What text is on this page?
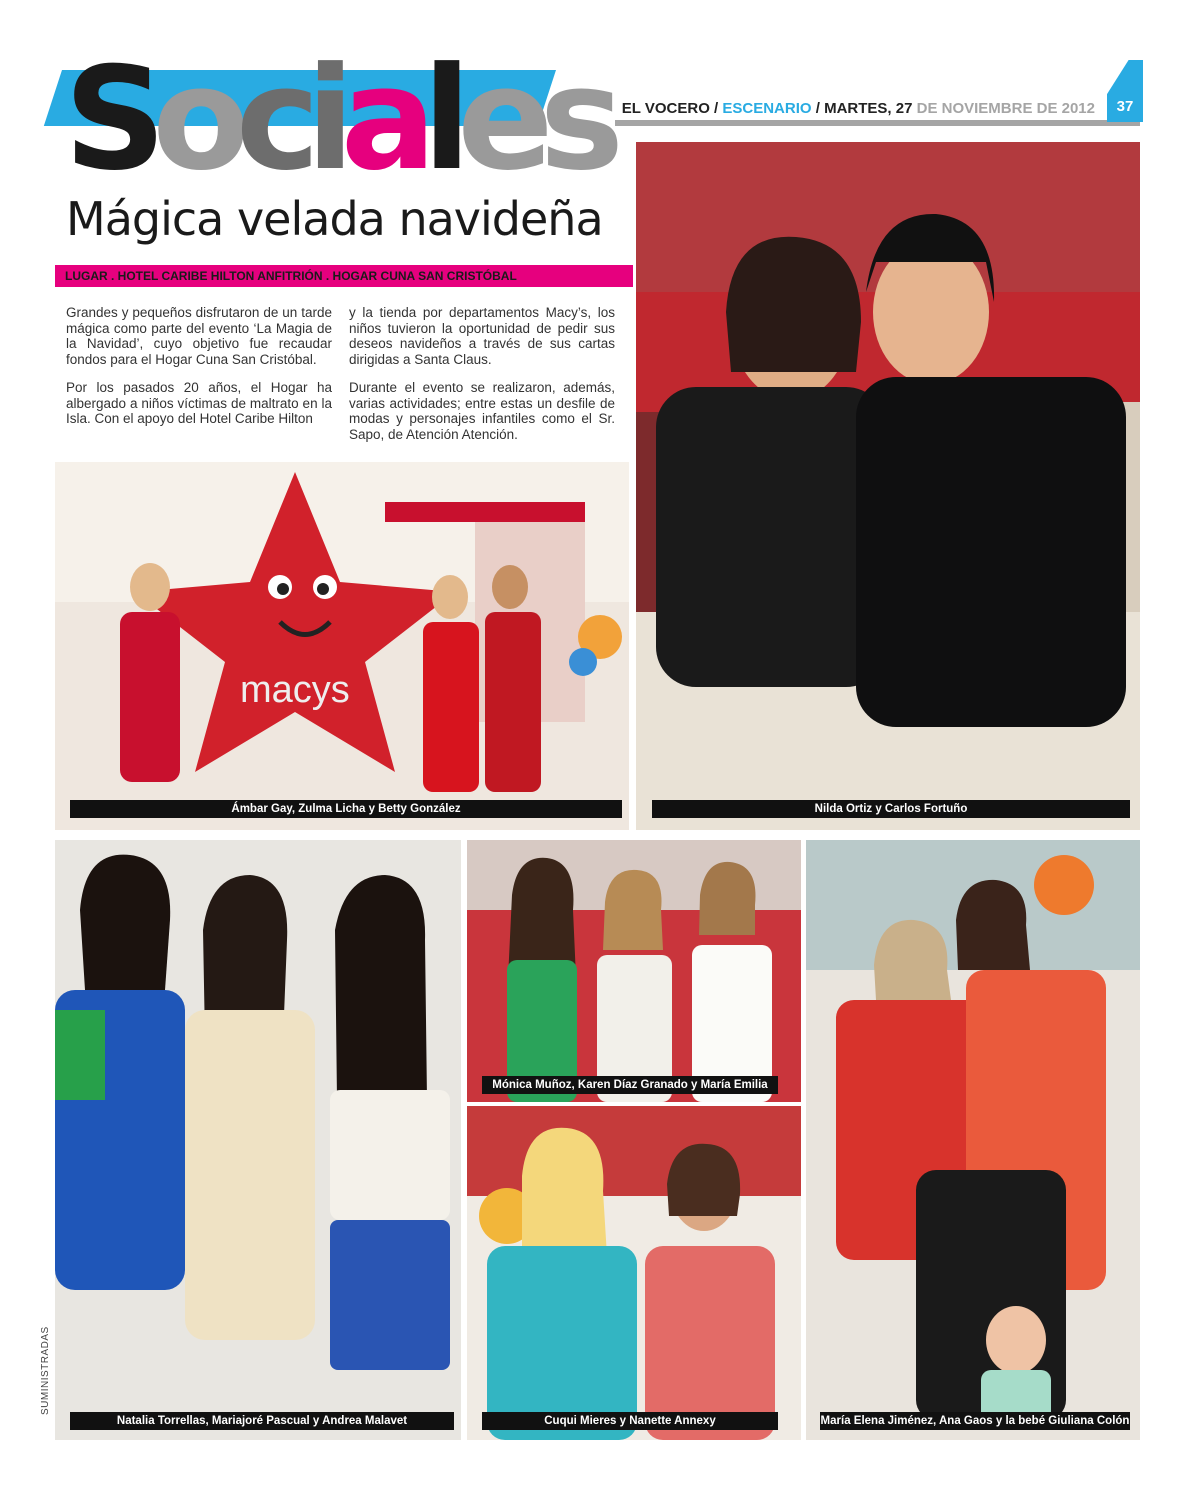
Sociales EL VOCERO / ESCENARIO / MARTES, 27 DE NOVIEMBRE DE 2012	37
Mágica velada navideña
LUGAR . HOTEL CARIBE HILTON ANFITRIÓN . HOGAR CUNA SAN CRISTÓBAL

Grandes y pequeños disfrutaron de un tarde mágica como parte del evento ‘La Magia de la Navidad’, cuyo objetivo fue recaudar fondos para el Hogar Cuna San Cristóbal.

Por los pasados 20 años, el Hogar ha albergado a niños víctimas de maltrato en la Isla. Con el apoyo del Hotel Caribe Hilton

y la tienda por departamentos Macy’s, los niños tuvieron la oportunidad de pedir sus deseos navideños a través de sus cartas dirigidas a Santa Claus.

Durante el evento se realizaron, además, varias actividades; entre estas un desfile de modas y personajes infantiles como el Sr. Sapo, de Atención Atención.

macys
Ámbar Gay, Zulma Licha y Betty González	Nilda Ortiz y Carlos Fortuño
Natalia Torrellas, Mariajoré Pascual y Andrea Malavet
Mónica Muñoz, Karen Díaz Granado y María Emilia
Cuqui Mieres y Nanette Annexy	María Elena Jiménez, Ana Gaos y la bebé Giuliana Colón
SUMINISTRADAS
